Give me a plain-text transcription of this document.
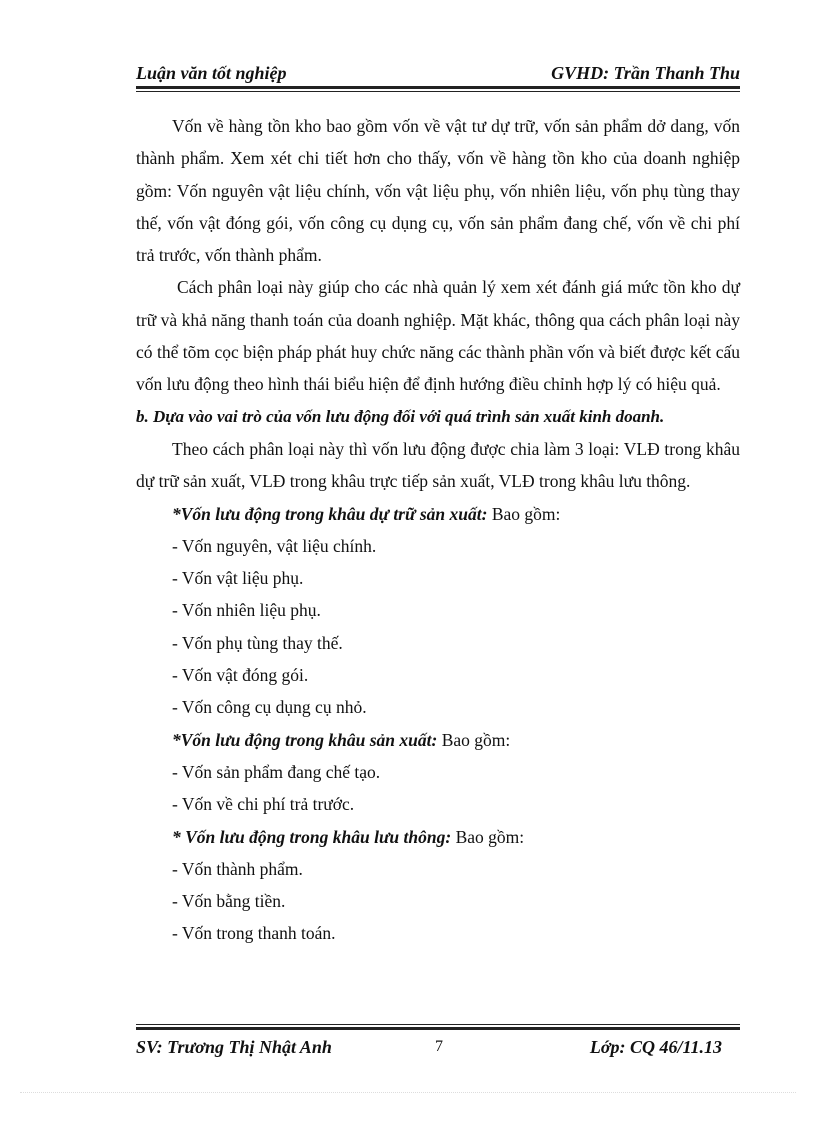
Luận văn tốt nghiệp	GVHD: Trần Thanh Thu

Vốn về hàng tồn kho bao gồm vốn về vật tư dự trữ, vốn sản phẩm dở dang, vốn thành phẩm. Xem xét chi tiết hơn cho thấy, vốn về hàng tồn kho của doanh nghiệp gồm: Vốn nguyên vật liệu chính, vốn vật liệu phụ, vốn nhiên liệu, vốn phụ tùng thay thế, vốn vật đóng gói, vốn công cụ dụng cụ, vốn sản phẩm đang chế, vốn về chi phí trả trước, vốn thành phẩm.

Cách phân loại này giúp cho các nhà quản lý xem xét đánh giá mức tồn kho dự trữ và khả năng thanh toán của doanh nghiệp. Mặt khác, thông qua cách phân loại này có thể tõm cọc biện pháp phát huy chức năng các thành phần vốn và biết được kết cấu vốn lưu động theo hình thái biểu hiện để định hướng điều chỉnh hợp lý có hiệu quả.

b. Dựa vào vai trò của vốn lưu động đối với quá trình sản xuất kinh doanh.

Theo cách phân loại này thì vốn lưu động được chia làm 3 loại: VLĐ trong khâu dự trữ sản xuất, VLĐ trong khâu trực tiếp sản xuất, VLĐ trong khâu lưu thông.

*Vốn lưu động trong khâu dự trữ sản xuất: Bao gồm:

- Vốn nguyên, vật liệu chính.

- Vốn vật liệu phụ.

- Vốn nhiên liệu phụ.

- Vốn phụ tùng thay thế.

- Vốn vật đóng gói.

- Vốn công cụ dụng cụ nhỏ.

*Vốn lưu động trong khâu sản xuất: Bao gồm:

- Vốn sản phẩm đang chế tạo.

- Vốn về chi phí trả trước.

* Vốn lưu động trong khâu lưu thông: Bao gồm:

- Vốn thành phẩm.

- Vốn bằng tiền.

- Vốn trong thanh toán.

SV: Trương Thị Nhật Anh	7	Lớp: CQ 46/11.13
